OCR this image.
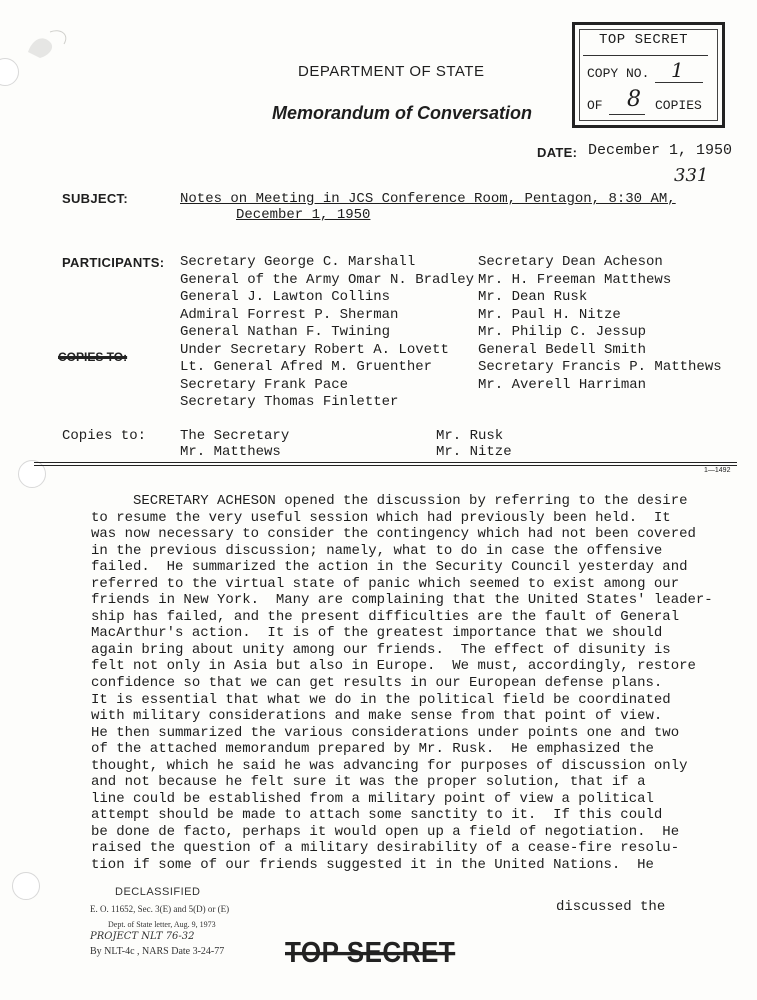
DEPARTMENT OF STATE
Memorandum of Conversation
TOP SECRET
COPY NO. 1
OF 8 COPIES
DATE: December 1, 1950
331
SUBJECT:	Notes on Meeting in JCS Conference Room, Pentagon, 8:30 AM,
December 1, 1950
PARTICIPANTS: Secretary George C. Marshall
General of the Army Omar N. Bradley
General J. Lawton Collins
Admiral Forrest P. Sherman
General Nathan F. Twining
Under Secretary Robert A. Lovett
Lt. General Afred M. Gruenther
Secretary Frank Pace
Secretary Thomas Finletter
Secretary Dean Acheson
Mr. H. Freeman Matthews
Mr. Dean Rusk
Mr. Paul H. Nitze
Mr. Philip C. Jessup
General Bedell Smith
Secretary Francis P. Matthews
Mr. Averell Harriman
COPIES TO:
Copies to: The Secretary
Mr. Matthews
Mr. Rusk
Mr. Nitze
1—1492
SECRETARY ACHESON opened the discussion by referring to the desire
to resume the very useful session which had previously been held.  It
was now necessary to consider the contingency which had not been covered
in the previous discussion; namely, what to do in case the offensive
failed.  He summarized the action in the Security Council yesterday and
referred to the virtual state of panic which seemed to exist among our
friends in New York.  Many are complaining that the United States' leader-
ship has failed, and the present difficulties are the fault of General
MacArthur's action.  It is of the greatest importance that we should
again bring about unity among our friends.  The effect of disunity is
felt not only in Asia but also in Europe.  We must, accordingly, restore
confidence so that we can get results in our European defense plans.
It is essential that what we do in the political field be coordinated
with military considerations and make sense from that point of view.
He then summarized the various considerations under points one and two
of the attached memorandum prepared by Mr. Rusk.  He emphasized the
thought, which he said he was advancing for purposes of discussion only
and not because he felt sure it was the proper solution, that if a
line could be established from a military point of view a political
attempt should be made to attach some sanctity to it.  If this could
be done de facto, perhaps it would open up a field of negotiation.  He
raised the question of a military desirability of a cease-fire resolu-
tion if some of our friends suggested it in the United Nations.  He
discussed the
DECLASSIFIED
E. O. 11652, Sec. 3(E) and 5(D) or (E)
Dept. of State letter, Aug. 9, 1973
PROJECT NLT 76-32
By NLT-4c , NARS Date 3-24-77 TOP SECRET
